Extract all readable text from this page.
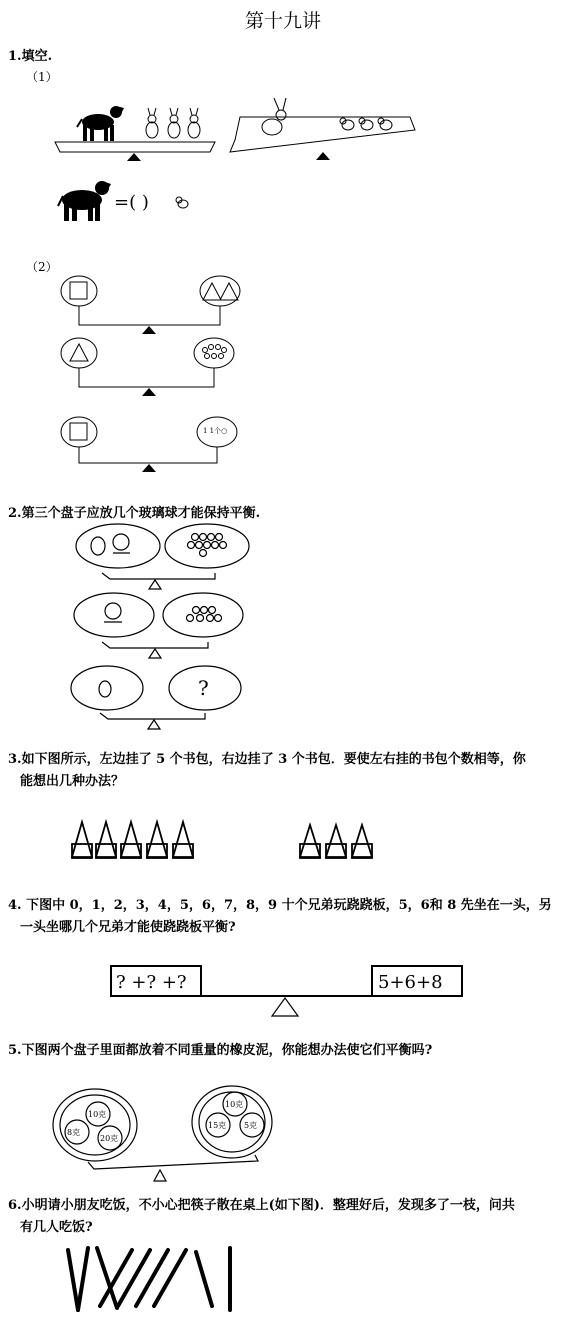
第十九讲
1.填空.
（1）
?
? +? +?	5+6+8
10克
8克
20克
10克
15克 5克
=( )
（2）
1 1个○
2.第三个盘子应放几个玻璃球才能保持平衡.
3.如下图所示，左边挂了 5 个书包，右边挂了 3 个书包．要使左右挂的书包个数相等，你
能想出几种办法？
4. 下图中 0，1，2，3，4，5，6，7，8，9 十个兄弟玩跷跷板，5，6和 8 先坐在一头，另
一头坐哪几个兄弟才能使跷跷板平衡?
5.下图两个盘子里面都放着不同重量的橡皮泥，你能想办法使它们平衡吗?
6.小明请小朋友吃饭，不小心把筷子散在桌上(如下图)．整理好后，发现多了一枝，问共
有几人吃饭?
